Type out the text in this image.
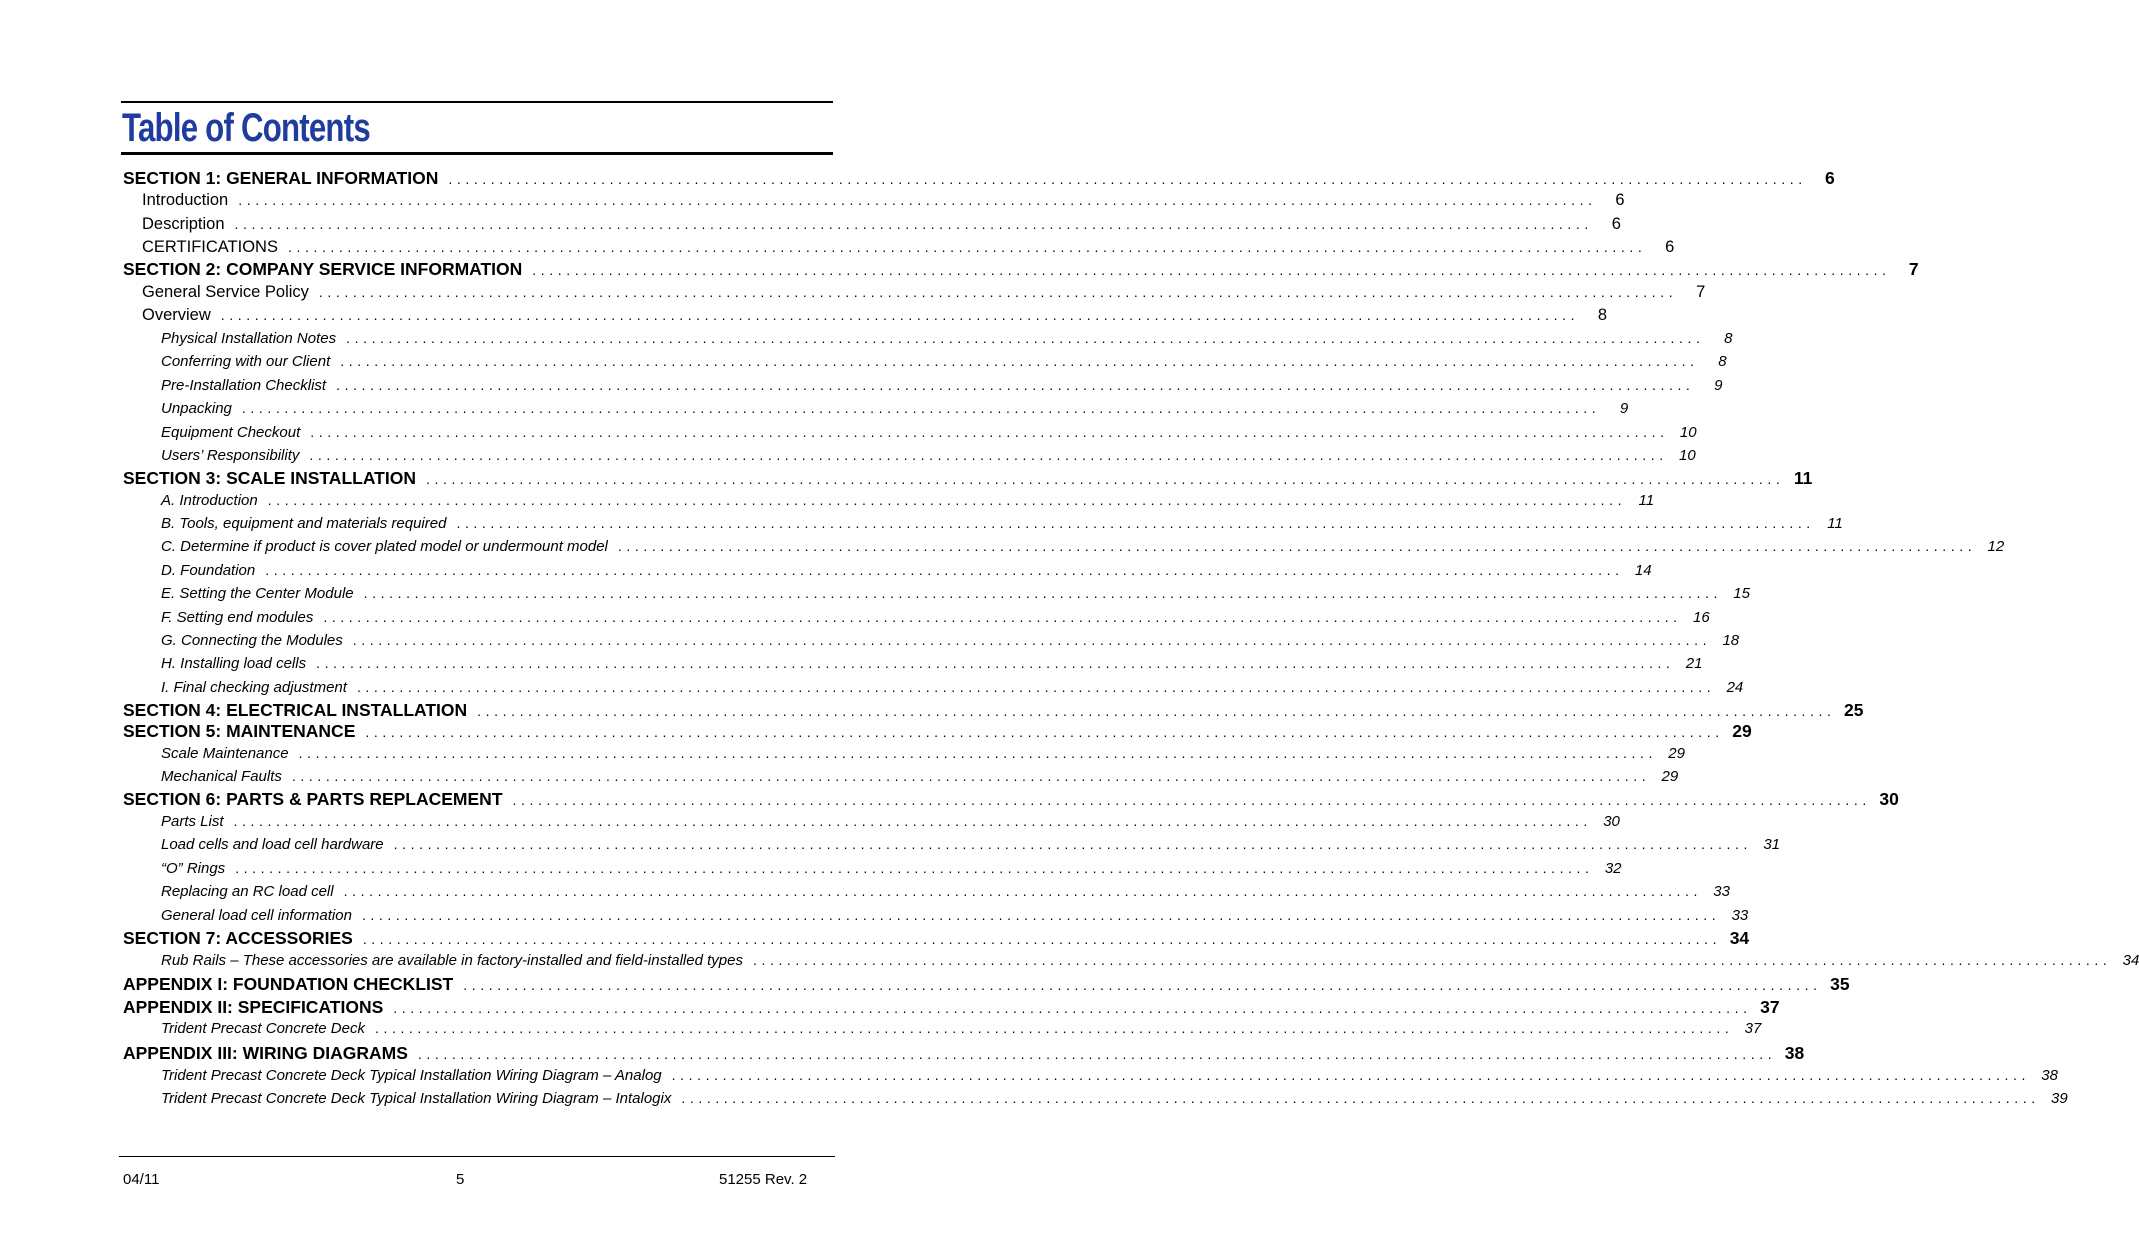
Table of Contents
SECTION 1: GENERAL INFORMATION ................................................................................................................................................................	6
Introduction ................................................................................................................................................................	6
Description ................................................................................................................................................................	6
CERTIFICATIONS ................................................................................................................................................................	6
SECTION 2: COMPANY SERVICE INFORMATION ................................................................................................................................................................	7
General Service Policy ................................................................................................................................................................	7
Overview ................................................................................................................................................................	8
Physical Installation Notes ................................................................................................................................................................	8
Conferring with our Client ................................................................................................................................................................	8
Pre-Installation Checklist ................................................................................................................................................................	9
Unpacking ................................................................................................................................................................	9
Equipment Checkout ................................................................................................................................................................ 10
Users’ Responsibility ................................................................................................................................................................ 10
SECTION 3: SCALE INSTALLATION ................................................................................................................................................................ 11
A. Introduction ................................................................................................................................................................ 11
B. Tools, equipment and materials required ................................................................................................................................................................ 11
C. Determine if product is cover plated model or undermount model ................................................................................................................................................................ 12
D. Foundation ................................................................................................................................................................ 14
E. Setting the Center Module ................................................................................................................................................................ 15
F. Setting end modules ................................................................................................................................................................ 16
G. Connecting the Modules ................................................................................................................................................................ 18
H. Installing load cells ................................................................................................................................................................ 21
I. Final checking adjustment ................................................................................................................................................................ 24
SECTION 4: ELECTRICAL INSTALLATION ................................................................................................................................................................ 25
SECTION 5: MAINTENANCE ................................................................................................................................................................ 29
Scale Maintenance ................................................................................................................................................................ 29
Mechanical Faults ................................................................................................................................................................ 29
SECTION 6: PARTS & PARTS REPLACEMENT ................................................................................................................................................................ 30
Parts List ................................................................................................................................................................ 30
Load cells and load cell hardware ................................................................................................................................................................ 31
“O” Rings ................................................................................................................................................................ 32
Replacing an RC load cell ................................................................................................................................................................ 33
General load cell information ................................................................................................................................................................ 33
SECTION 7: ACCESSORIES ................................................................................................................................................................ 34
Rub Rails – These accessories are available in factory-installed and field-installed types ................................................................................................................................................................ 34
APPENDIX I: FOUNDATION CHECKLIST ................................................................................................................................................................ 35
APPENDIX II: SPECIFICATIONS ................................................................................................................................................................ 37
Trident Precast Concrete Deck ................................................................................................................................................................ 37
APPENDIX III: WIRING DIAGRAMS ................................................................................................................................................................ 38
Trident Precast Concrete Deck Typical Installation Wiring Diagram – Analog ................................................................................................................................................................ 38
Trident Precast Concrete Deck Typical Installation Wiring Diagram – Intalogix ................................................................................................................................................................ 39
04/11	5	51255 Rev. 2
